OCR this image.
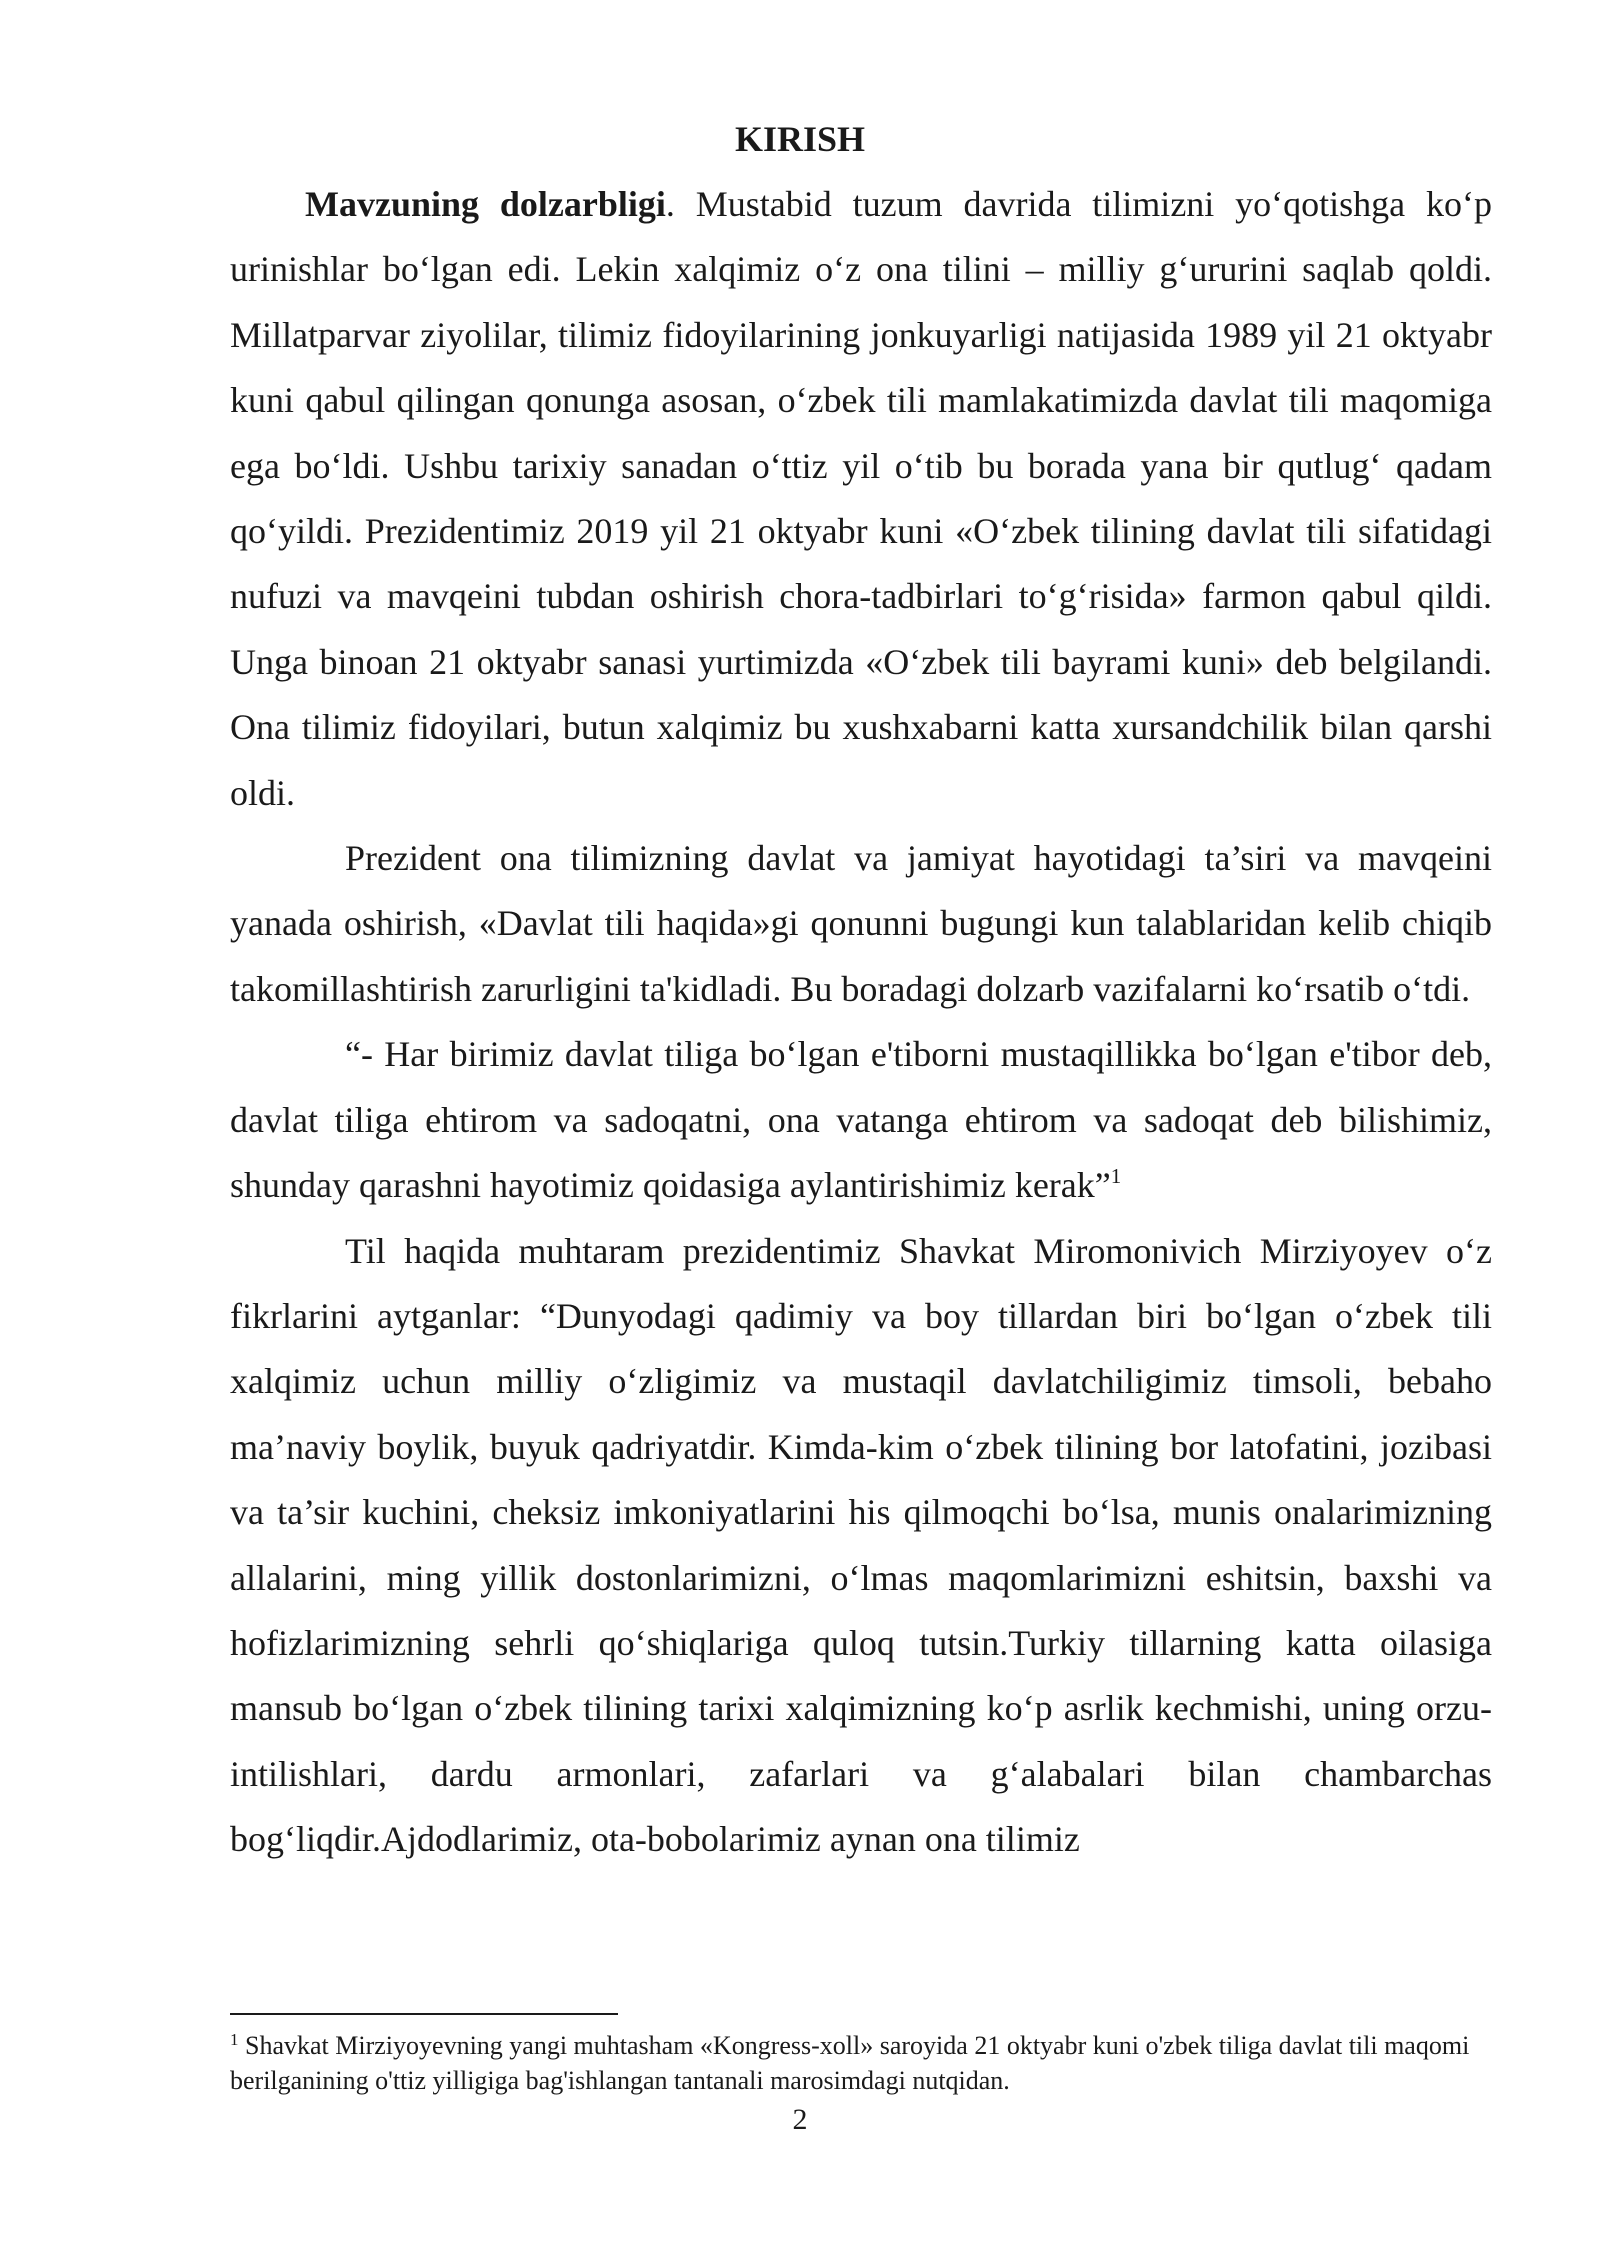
KIRISH

Mavzuning dolzarbligi. Mustabid tuzum davrida tilimizni yo‘qotishga ko‘p urinishlar bo‘lgan edi. Lekin xalqimiz o‘z ona tilini – milliy g‘ururini saqlab qoldi. Millatparvar ziyolilar, tilimiz fidoyilarining jonkuyarligi natijasida 1989 yil 21 oktyabr kuni qabul qilingan qonunga asosan, o‘zbek tili mamlakatimizda davlat tili maqomiga ega bo‘ldi. Ushbu tarixiy sanadan o‘ttiz yil o‘tib bu borada yana bir qutlug‘ qadam qo‘yildi. Prezidentimiz 2019 yil 21 oktyabr kuni «O‘zbek tilining davlat tili sifatidagi nufuzi va mavqeini tubdan oshirish chora-tadbirlari to‘g‘risida» farmon qabul qildi. Unga binoan 21 oktyabr sanasi yurtimizda «O‘zbek tili bayrami kuni» deb belgilandi. Ona tilimiz fidoyilari, butun xalqimiz bu xushxabarni katta xursandchilik bilan qarshi oldi.

Prezident ona tilimizning davlat va jamiyat hayotidagi ta’siri va mavqeini yanada oshirish, «Davlat tili haqida»gi qonunni bugungi kun talablaridan kelib chiqib takomillashtirish zarurligini ta'kidladi. Bu boradagi dolzarb vazifalarni ko‘rsatib o‘tdi.

“- Har birimiz davlat tiliga bo‘lgan e'tiborni mustaqillikka bo‘lgan e'tibor deb, davlat tiliga ehtirom va sadoqatni, ona vatanga ehtirom va sadoqat deb bilishimiz, shunday qarashni hayotimiz qoidasiga aylantirishimiz kerak”$^1$

Til haqida muhtaram prezidentimiz Shavkat Miromonivich Mirziyoyev o‘z fikrlarini aytganlar: “Dunyodagi qadimiy va boy tillardan biri bo‘lgan o‘zbek tili xalqimiz uchun milliy o‘zligimiz va mustaqil davlatchiligimiz timsoli, bebaho ma’naviy boylik, buyuk qadriyatdir. Kimda-kim o‘zbek tilining bor latofatini, jozibasi va ta’sir kuchini, cheksiz imkoniyatlarini his qilmoqchi bo‘lsa, munis onalarimizning allalarini, ming yillik dostonlarimizni, o‘lmas maqomlarimizni eshitsin, baxshi va hofizlarimizning sehrli qo‘shiqlariga quloq tutsin.Turkiy tillarning katta oilasiga mansub bo‘lgan o‘zbek tilining tarixi xalqimizning ko‘p asrlik kechmishi, uning orzu-intilishlari, dardu armonlari, zafarlari va g‘alabalari bilan chambarchas bog‘liqdir.Ajdodlarimiz, ota-bobolarimiz aynan ona tilimiz

$^1$ Shavkat Mirziyoyevning yangi muhtasham «Kongress-xoll» saroyida 21 oktyabr kuni o'zbek tiliga davlat tili maqomi berilganining o'ttiz yilligiga bag'ishlangan tantanali marosimdagi nutqidan.

2
